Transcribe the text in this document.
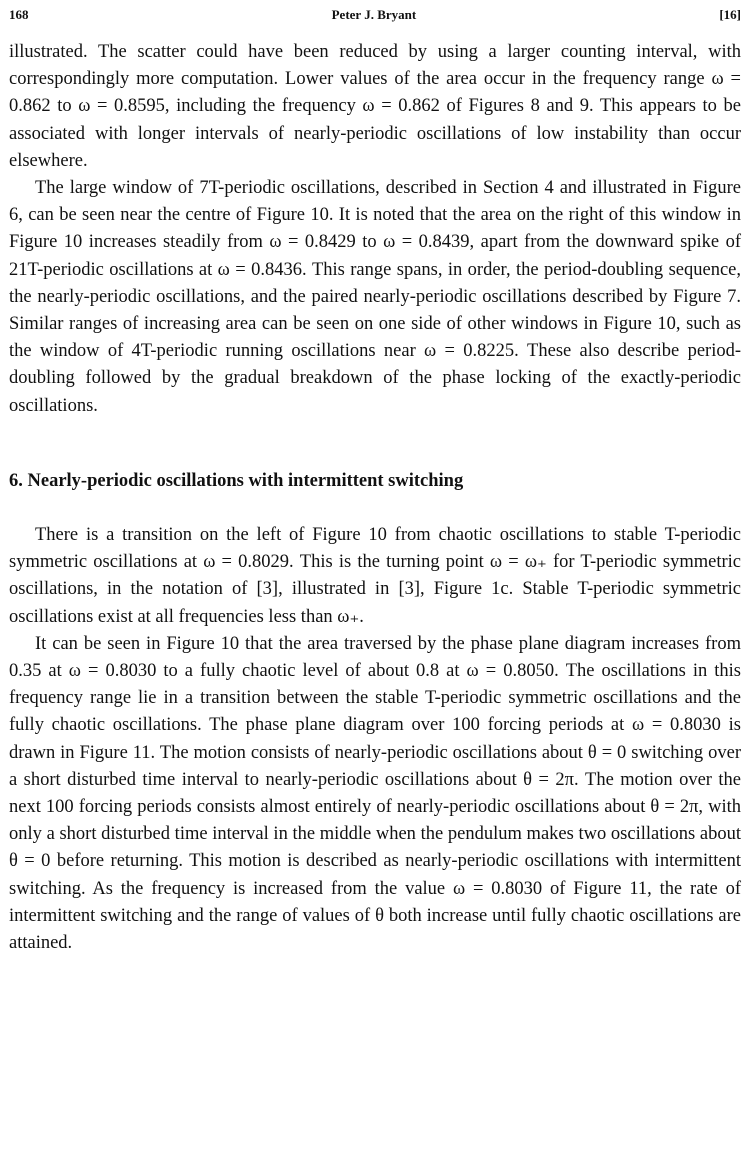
168	Peter J. Bryant	[16]

illustrated. The scatter could have been reduced by using a larger counting interval, with correspondingly more computation. Lower values of the area occur in the frequency range ω = 0.862 to ω = 0.8595, including the frequency ω = 0.862 of Figures 8 and 9. This appears to be associated with longer intervals of nearly-periodic oscillations of low instability than occur elsewhere.

The large window of 7T-periodic oscillations, described in Section 4 and illustrated in Figure 6, can be seen near the centre of Figure 10. It is noted that the area on the right of this window in Figure 10 increases steadily from ω = 0.8429 to ω = 0.8439, apart from the downward spike of 21T-periodic oscillations at ω = 0.8436. This range spans, in order, the period-doubling sequence, the nearly-periodic oscillations, and the paired nearly-periodic oscillations described by Figure 7. Similar ranges of increasing area can be seen on one side of other windows in Figure 10, such as the window of 4T-periodic running oscillations near ω = 0.8225. These also describe period-doubling followed by the gradual breakdown of the phase locking of the exactly-periodic oscillations.

6. Nearly-periodic oscillations with intermittent switching

There is a transition on the left of Figure 10 from chaotic oscillations to stable T-periodic symmetric oscillations at ω = 0.8029. This is the turning point ω = ω₊ for T-periodic symmetric oscillations, in the notation of [3], illustrated in [3], Figure 1c. Stable T-periodic symmetric oscillations exist at all frequencies less than ω₊.

It can be seen in Figure 10 that the area traversed by the phase plane diagram increases from 0.35 at ω = 0.8030 to a fully chaotic level of about 0.8 at ω = 0.8050. The oscillations in this frequency range lie in a transition between the stable T-periodic symmetric oscillations and the fully chaotic oscillations. The phase plane diagram over 100 forcing periods at ω = 0.8030 is drawn in Figure 11. The motion consists of nearly-periodic oscillations about θ = 0 switching over a short disturbed time interval to nearly-periodic oscillations about θ = 2π. The motion over the next 100 forcing periods consists almost entirely of nearly-periodic oscillations about θ = 2π, with only a short disturbed time interval in the middle when the pendulum makes two oscillations about θ = 0 before returning. This motion is described as nearly-periodic oscillations with intermittent switching. As the frequency is increased from the value ω = 0.8030 of Figure 11, the rate of intermittent switching and the range of values of θ both increase until fully chaotic oscillations are attained.
